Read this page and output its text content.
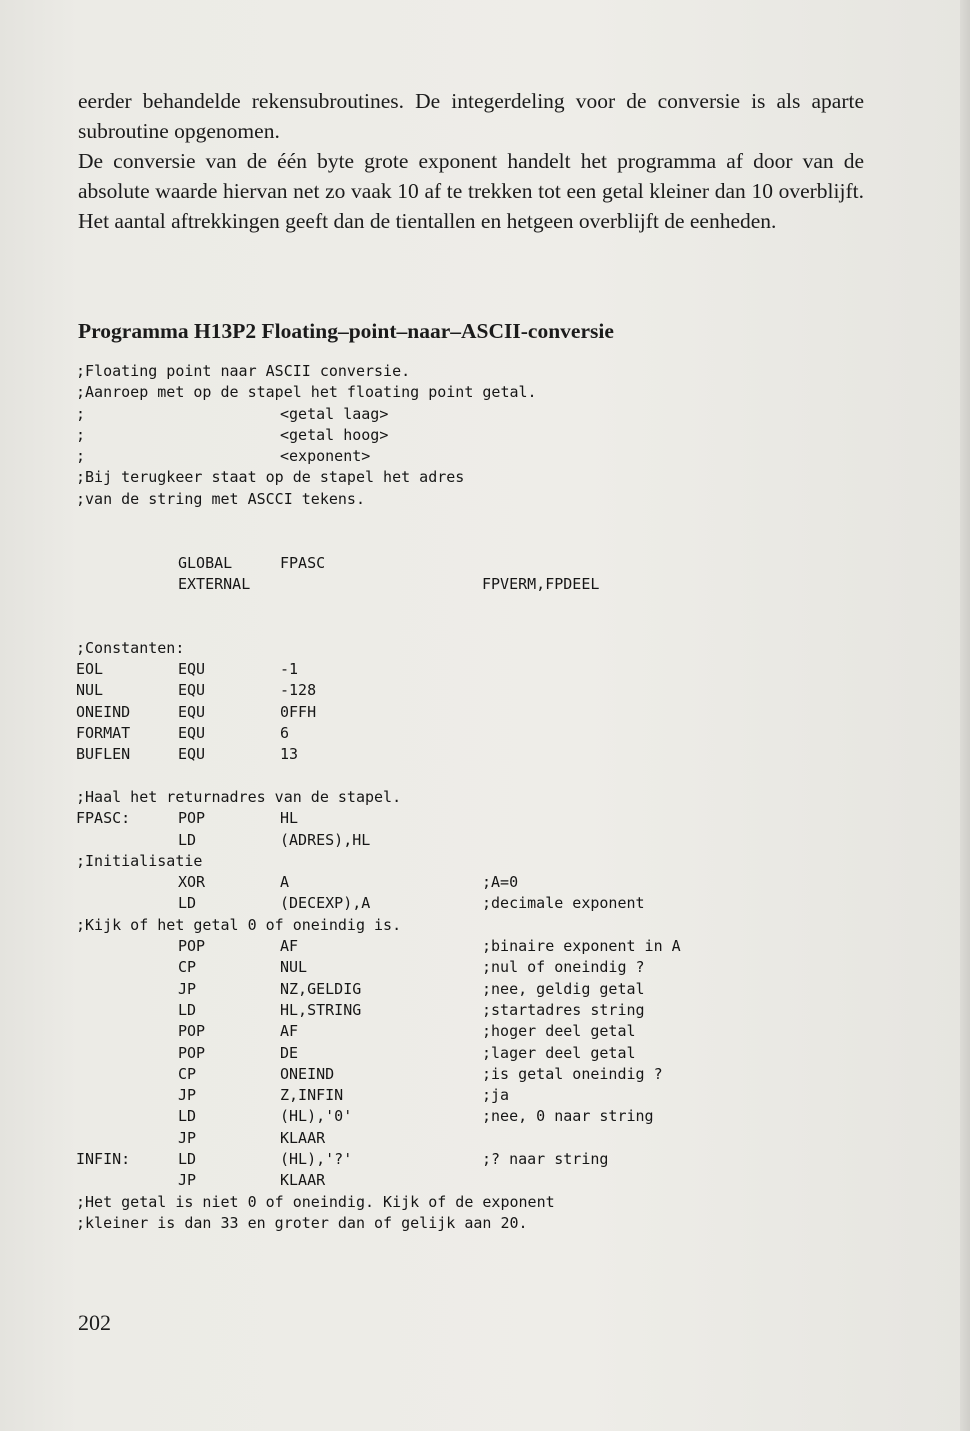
eerder behandelde rekensubroutines. De integerdeling voor de conversie is als aparte subroutine opgenomen.

De conversie van de één byte grote exponent handelt het programma af door van de absolute waarde hiervan net zo vaak 10 af te trekken tot een getal kleiner dan 10 overblijft. Het aantal aftrekkingen geeft dan de tientallen en hetgeen overblijft de eenheden.

Programma H13P2 Floating–point–naar–ASCII-conversie
;Floating point naar ASCII conversie.
;Aanroep met op de stapel het floating point getal.
;	<getal laag>
;	<getal hoog>
;	<exponent>
;Bij terugkeer staat op de stapel het adres
;van de string met ASCCI tekens.
GLOBAL	FPASC
EXTERNAL	FPVERM,FPDEEL
;Constanten:
EOL	EQU	-1
NUL	EQU	-128
ONEIND	EQU	0FFH
FORMAT	EQU	6
BUFLEN	EQU	13
;Haal het returnadres van de stapel.
FPASC:	POP	HL
LD	(ADRES),HL
;Initialisatie
XOR	A	;A=0
LD	(DECEXP),A	;decimale exponent
;Kijk of het getal 0 of oneindig is.
POP	AF	;binaire exponent in A
CP	NUL	;nul of oneindig ?
JP	NZ,GELDIG	;nee, geldig getal
LD	HL,STRING	;startadres string
POP	AF	;hoger deel getal
POP	DE	;lager deel getal
CP	ONEIND	;is getal oneindig ?
JP	Z,INFIN	;ja
LD	(HL),'0'	;nee, 0 naar string
JP	KLAAR
INFIN:	LD	(HL),'?'	;? naar string
JP	KLAAR
;Het getal is niet 0 of oneindig. Kijk of de exponent
;kleiner is dan 33 en groter dan of gelijk aan 20.

202
